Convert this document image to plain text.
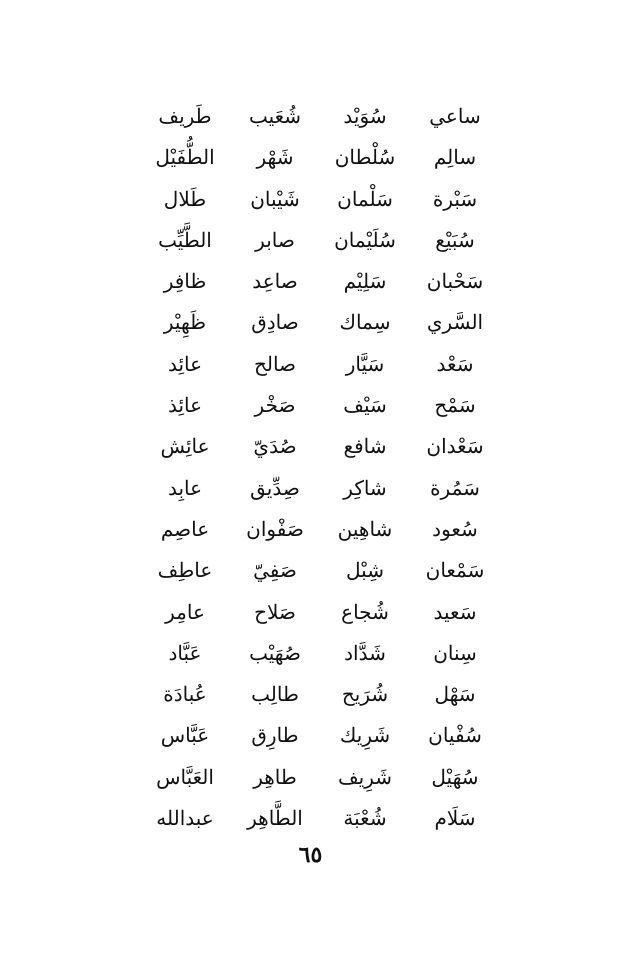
ساعي
سُوَيْد
شُعَيب
طَريف
سالِم
سُلْطان
شَهْر
الطُّفَيْل
سَبْرة
سَلْمان
شَيْبان
طَلال
سُبَيْع
سُلَيْمان
صابر
الطَّيِّب
سَحْبان
سَلِيْم
صاعِد
ظافِر
السَّري
سِماك
صادِق
ظَهِيْر
سَعْد
سَيَّار
صالح
عائِد
سَمْح
سَيْف
صَخْر
عائِذ
سَعْدان
شافع
صُدَيّ
عائِش
سَمُرة
شاكِر
صِدِّيق
عابِد
سُعود
شاهِين
صَفْوان
عاصِم
سَمْعان
شِبْل
صَفِيّ
عاطِف
سَعيد
شُجاع
صَلاح
عامِر
سِنان
شَدَّاد
صُهَيْب
عَبَّاد
سَهْل
شُرَيح
طالِب
عُبادَة
سُفْيان
شَرِيك
طارِق
عَبَّاس
سُهَيْل
شَرِيف
طاهِر
العَبَّاس
سَلَام
شُعْبَة
الطَّاهِر
عبدالله
٦٥
